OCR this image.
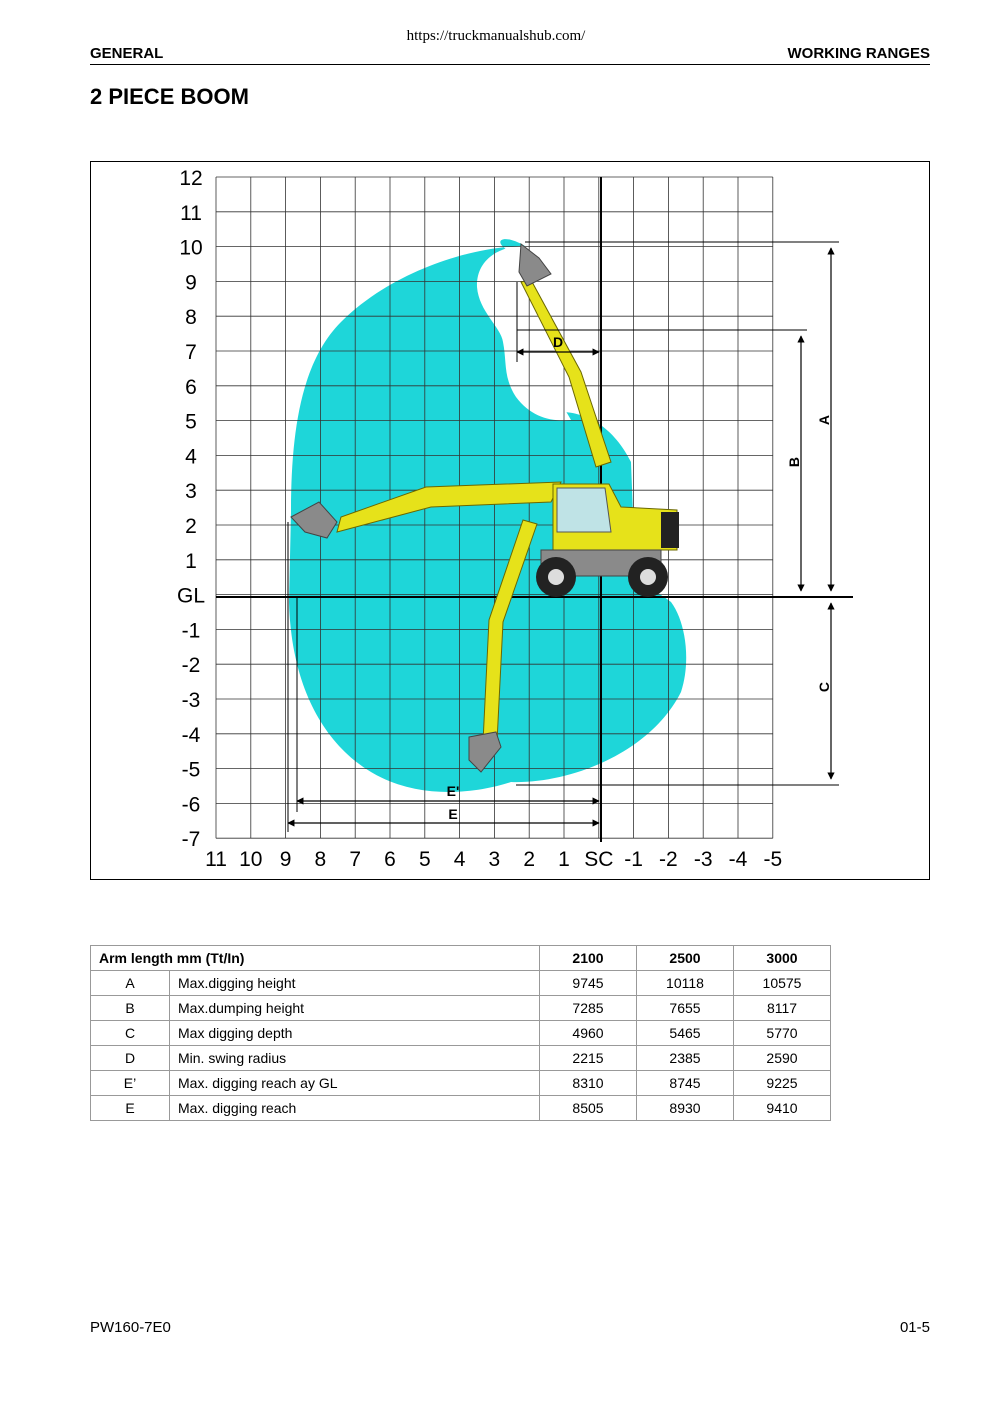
https://truckmanualshub.com/
GENERAL	WORKING RANGES
2 PIECE BOOM
11 10 9 8 7 6 5 4 3 2 1 SC -1 -2 -3 -4 -5
12
11
10
9
8
7
6
5
4
3
2
1
GL
-1
-2
-3
-4
-5
-6
-7
A
B
C
D
E'
E
Arm length mm (Tt/In)		2100	2500	3000
A	Max.digging height	9745	10118	10575
B	Max.dumping height	7285	7655	8117
C	Max digging depth	4960	5465	5770
D	Min. swing radius	2215	2385	2590
E’	Max. digging reach ay GL	8310	8745	9225
E	Max. digging reach	8505	8930	9410
PW160-7E0	01-5
